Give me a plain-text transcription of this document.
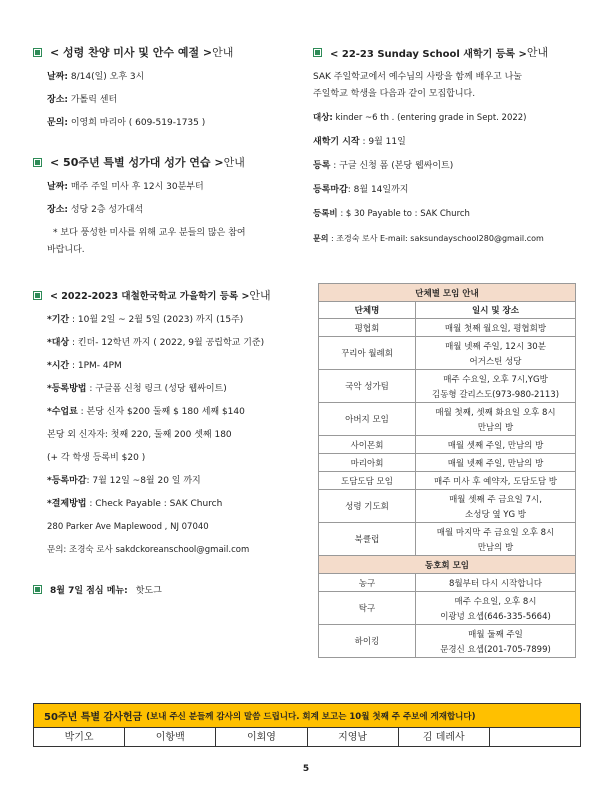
< 성령 찬양 미사 및 안수 예절 > 안내
날짜: 8/14(일) 오후 3시
장소: 가톨릭 센터
문의: 이영희 마리아 ( 609-519-1735 )
< 50주년 특별 성가대 성가 연습 > 안내
날짜: 매주 주일 미사 후 12시 30분부터
장소: 성당 2층 성가대석
* 보다 풍성한 미사를 위해 교우 분들의 많은 참여
바랍니다.
< 2022-2023 대철한국학교 가을학기 등록 > 안내
*기간 : 10월 2일 ~ 2월 5일 (2023) 까지 (15주)
*대상 : 킨더- 12학년 까지 ( 2022, 9월 공립학교 기준)
*시간 : 1PM- 4PM
*등록방법 : 구글폼 신청 링크 (성당 웹싸이트)
*수업료 : 본당 신자 $200 둘째 $ 180 세째 $140
본당 외 신자자: 첫째 220, 둘째 200 셋째 180
(+ 각 학생 등록비 $20 )
*등록마감: 7월 12일 ~8월 20 일 까지
*결제방법 : Check Payable : SAK Church
280 Parker Ave Maplewood , NJ 07040
문의: 조경숙 로사 sakdckoreanschool@gmail.com
8월 7일 점심 메뉴: 핫도그
< 22-23 Sunday School 새학기 등록 > 안내
SAK 주일학교에서 예수님의 사랑을 함께 배우고 나눌
주일학교 학생을 다음과 같이 모집합니다.
대상: kinder ~6 th . (entering grade in Sept. 2022)
새학기 시작 : 9월 11일
등록 : 구글 신청 폼 (본당 웹싸이트)
등록마감: 8월 14일까지
등록비 : $ 30 Payable to : SAK Church
문의 : 조경숙 로사 E-mail: saksundayschool280@gmail.com
단체별 모임 안내	
단체명	일시 및 장소
평협회	매월 첫째 월요일, 평협회방

꾸리아 월례회	매월 넷째 주일, 12시 30분
어거스틴 성당

국악 성가팀	매주 수요일, 오후 7시,YG방
김동형 갈리스도(973-980-2113)

아버지 모임	매월 첫째, 셋째 화요일 오후 8시
만남의 방

사이몬회	매월 셋째 주일, 만남의 방

마리아회	매월 넷째 주일, 만남의 방

도담도담 모임	매주 미사 후 예약자, 도담도담 방

성령 기도회	매월 셋째 주 금요일 7시,
소성당 옆 YG 방

북클럽	매월 마지막 주 금요일 오후 8시
만남의 방

동호회 모임	
농구	8월부터 다시 시작합니다

탁구	매주 수요일, 오후 8시
이광녕 요셉(646-335-5664)

하이킹	매월 둘째 주일
문경신 요셉(201-705-7899)
50주년 특별 감사헌금 (보내 주신 분들께 감사의 말씀 드립니다. 회계 보고는 10월 첫째 주 주보에 게재합니다)
박기오	이항백	이회영	지영남	김 데레사
5
